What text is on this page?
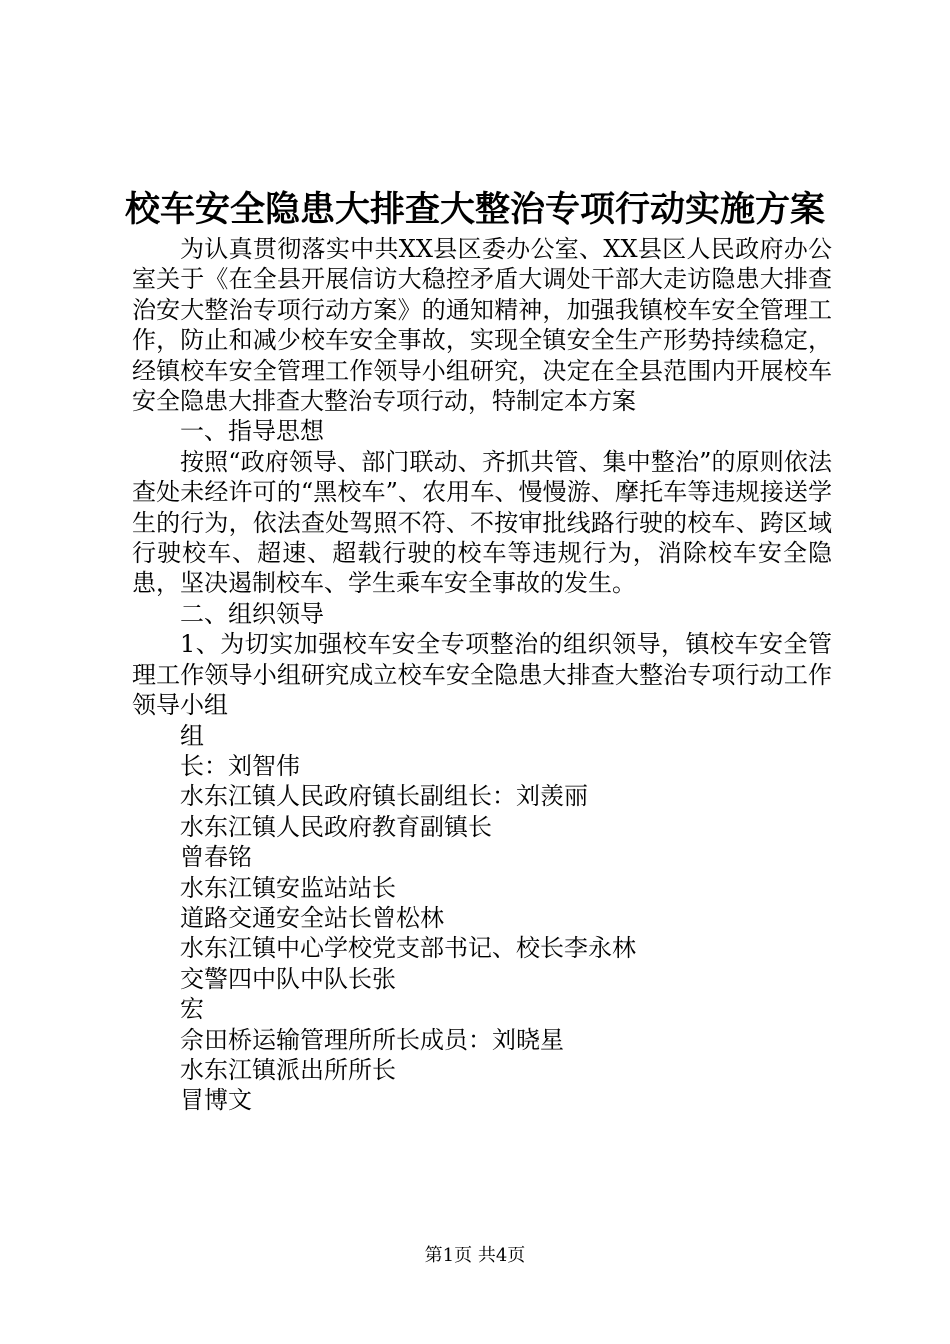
校车安全隐患大排查大整治专项行动实施方案

为认真贯彻落实中共XX县区委办公室、XX县区人民政府办公室关于《在全县开展信访大稳控矛盾大调处干部大走访隐患大排查治安大整治专项行动方案》的通知精神，加强我镇校车安全管理工作，防止和减少校车安全事故，实现全镇安全生产形势持续稳定，经镇校车安全管理工作领导小组研究，决定在全县范围内开展校车安全隐患大排查大整治专项行动，特制定本方案

一、指导思想

按照“政府领导、部门联动、齐抓共管、集中整治”的原则依法查处未经许可的“黑校车”、农用车、慢慢游、摩托车等违规接送学生的行为，依法查处驾照不符、不按审批线路行驶的校车、跨区域行驶校车、超速、超载行驶的校车等违规行为，消除校车安全隐患，坚决遏制校车、学生乘车安全事故的发生。

二、组织领导

1、为切实加强校车安全专项整治的组织领导，镇校车安全管理工作领导小组研究成立校车安全隐患大排查大整治专项行动工作领导小组

组

长：刘智伟

水东江镇人民政府镇长副组长：刘羡丽

水东江镇人民政府教育副镇长

曾春铭

水东江镇安监站站长

道路交通安全站长曾松林

水东江镇中心学校党支部书记、校长李永林

交警四中队中队长张

宏

佘田桥运输管理所所长成员：刘晓星

水东江镇派出所所长

冒博文

第1页 共4页
